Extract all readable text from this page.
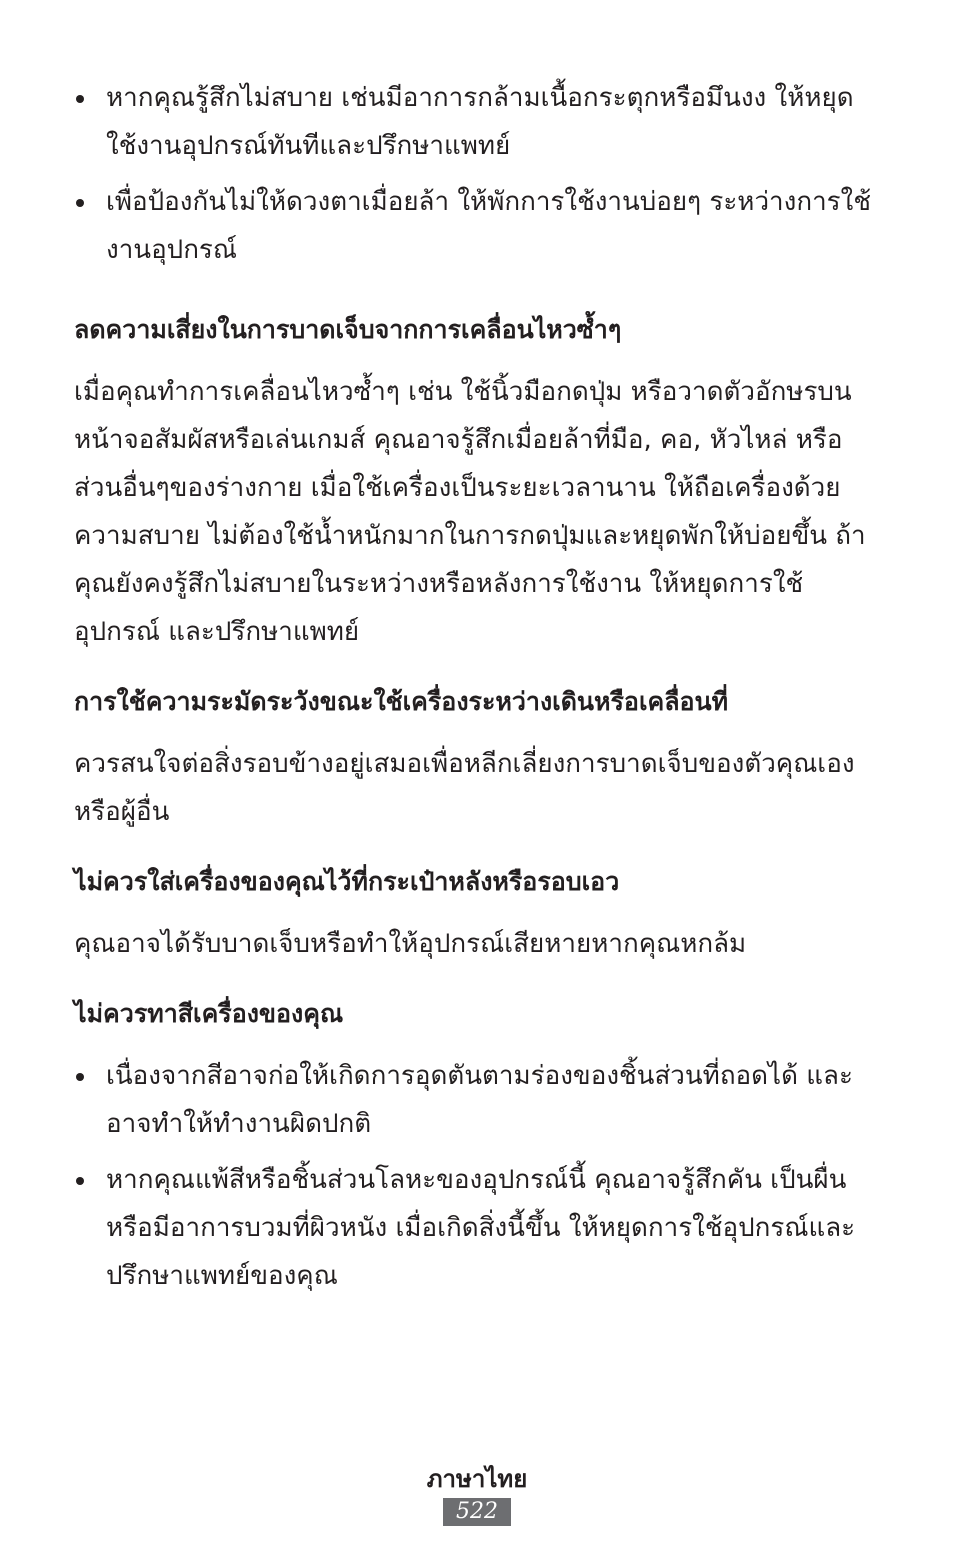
หากคุณรู้สึกไม่สบาย เช่นมีอาการกล้ามเนื้อกระตุกหรือมึนงง ให้หยุดใช้งานอุปกรณ์ทันทีและปรึกษาแพทย์
เพื่อป้องกันไม่ให้ดวงตาเมื่อยล้า ให้พักการใช้งานบ่อยๆ ระหว่างการใช้งานอุปกรณ์
ลดความเสี่ยงในการบาดเจ็บจากการเคลื่อนไหวซ้ำๆ

เมื่อคุณทำการเคลื่อนไหวซ้ำๆ เช่น ใช้นิ้วมือกดปุ่ม หรือวาดตัวอักษรบนหน้าจอสัมผัสหรือเล่นเกมส์ คุณอาจรู้สึกเมื่อยล้าที่มือ, คอ, หัวไหล่ หรือส่วนอื่นๆของร่างกาย เมื่อใช้เครื่องเป็นระยะเวลานาน ให้ถือเครื่องด้วยความสบาย ไม่ต้องใช้น้ำหนักมากในการกดปุ่มและหยุดพักให้บ่อยขึ้น ถ้าคุณยังคงรู้สึกไม่สบายในระหว่างหรือหลังการใช้งาน ให้หยุดการใช้อุปกรณ์ และปรึกษาแพทย์

การใช้ความระมัดระวังขณะใช้เครื่องระหว่างเดินหรือเคลื่อนที่

ควรสนใจต่อสิ่งรอบข้างอยู่เสมอเพื่อหลีกเลี่ยงการบาดเจ็บของตัวคุณเองหรือผู้อื่น

ไม่ควรใส่เครื่องของคุณไว้ที่กระเป๋าหลังหรือรอบเอว

คุณอาจได้รับบาดเจ็บหรือทำให้อุปกรณ์เสียหายหากคุณหกล้ม

ไม่ควรทาสีเครื่องของคุณ
เนื่องจากสีอาจก่อให้เกิดการอุดตันตามร่องของชิ้นส่วนที่ถอดได้ และอาจทำให้ทำงานผิดปกติ
หากคุณแพ้สีหรือชิ้นส่วนโลหะของอุปกรณ์นี้ คุณอาจรู้สึกคัน เป็นผื่นหรือมีอาการบวมที่ผิวหนัง เมื่อเกิดสิ่งนี้ขึ้น ให้หยุดการใช้อุปกรณ์และปรึกษาแพทย์ของคุณ
ภาษาไทย
522
